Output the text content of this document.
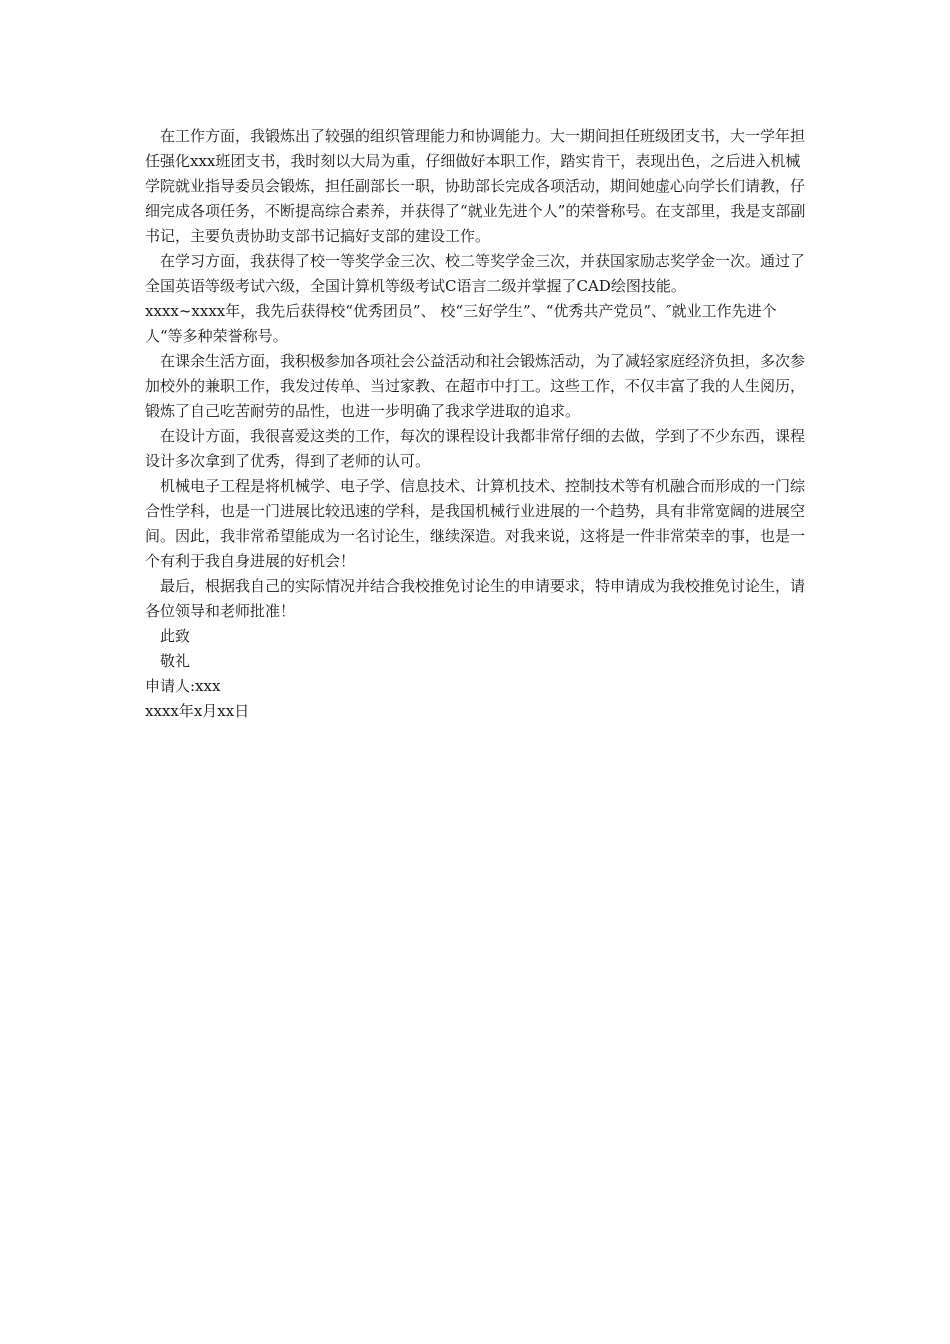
在工作方面，我锻炼出了较强的组织管理能力和协调能力。大一期间担任班级团支书，大一学年担任强化xxx班团支书，我时刻以大局为重，仔细做好本职工作，踏实肯干，表现出色，之后进入机械学院就业指导委员会锻炼，担任副部长一职，协助部长完成各项活动，期间她虚心向学长们请教，仔细完成各项任务，不断提高综合素养，并获得了“就业先进个人”的荣誉称号。在支部里，我是支部副书记，主要负责协助支部书记搞好支部的建设工作。

在学习方面，我获得了校一等奖学金三次、校二等奖学金三次，并获国家励志奖学金一次。通过了全国英语等级考试六级，全国计算机等级考试C语言二级并掌握了CAD绘图技能。

xxxx~xxxx年，我先后获得校“优秀团员”、 校“三好学生”、“优秀共产党员”、″就业工作先进个人“等多种荣誉称号。

在课余生活方面，我积极参加各项社会公益活动和社会锻炼活动，为了减轻家庭经济负担，多次参加校外的兼职工作，我发过传单、当过家教、在超市中打工。这些工作，不仅丰富了我的人生阅历，锻炼了自己吃苦耐劳的品性，也进一步明确了我求学进取的追求。

在设计方面，我很喜爱这类的工作，每次的课程设计我都非常仔细的去做，学到了不少东西，课程设计多次拿到了优秀，得到了老师的认可。

机械电子工程是将机械学、电子学、信息技术、计算机技术、控制技术等有机融合而形成的一门综合性学科，也是一门进展比较迅速的学科，是我国机械行业进展的一个趋势，具有非常宽阔的进展空间。因此，我非常希望能成为一名讨论生，继续深造。对我来说，这将是一件非常荣幸的事，也是一个有利于我自身进展的好机会！

最后，根据我自己的实际情况并结合我校推免讨论生的申请要求，特申请成为我校推免讨论生，请各位领导和老师批准！

此致

敬礼

申请人:xxx

xxxx年x月xx日
